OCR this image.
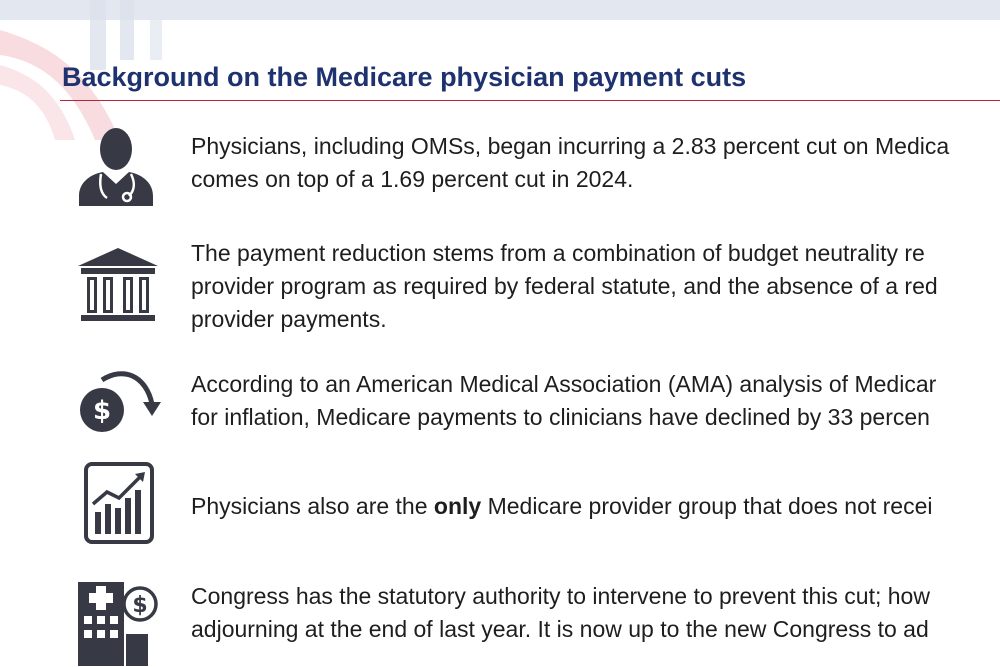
Background on the Medicare physician payment cuts
Physicians, including OMSs, began incurring a 2.83 percent cut on Medica
comes on top of a 1.69 percent cut in 2024.
The payment reduction stems from a combination of budget neutrality re
provider program as required by federal statute, and the absence of a red
provider payments.
$
According to an American Medical Association (AMA) analysis of Medicar
for inflation, Medicare payments to clinicians have declined by 33 percen
Physicians also are the only Medicare provider group that does not recei
$ Congress has the statutory authority to intervene to prevent this cut; how
adjourning at the end of last year. It is now up to the new Congress to ad
